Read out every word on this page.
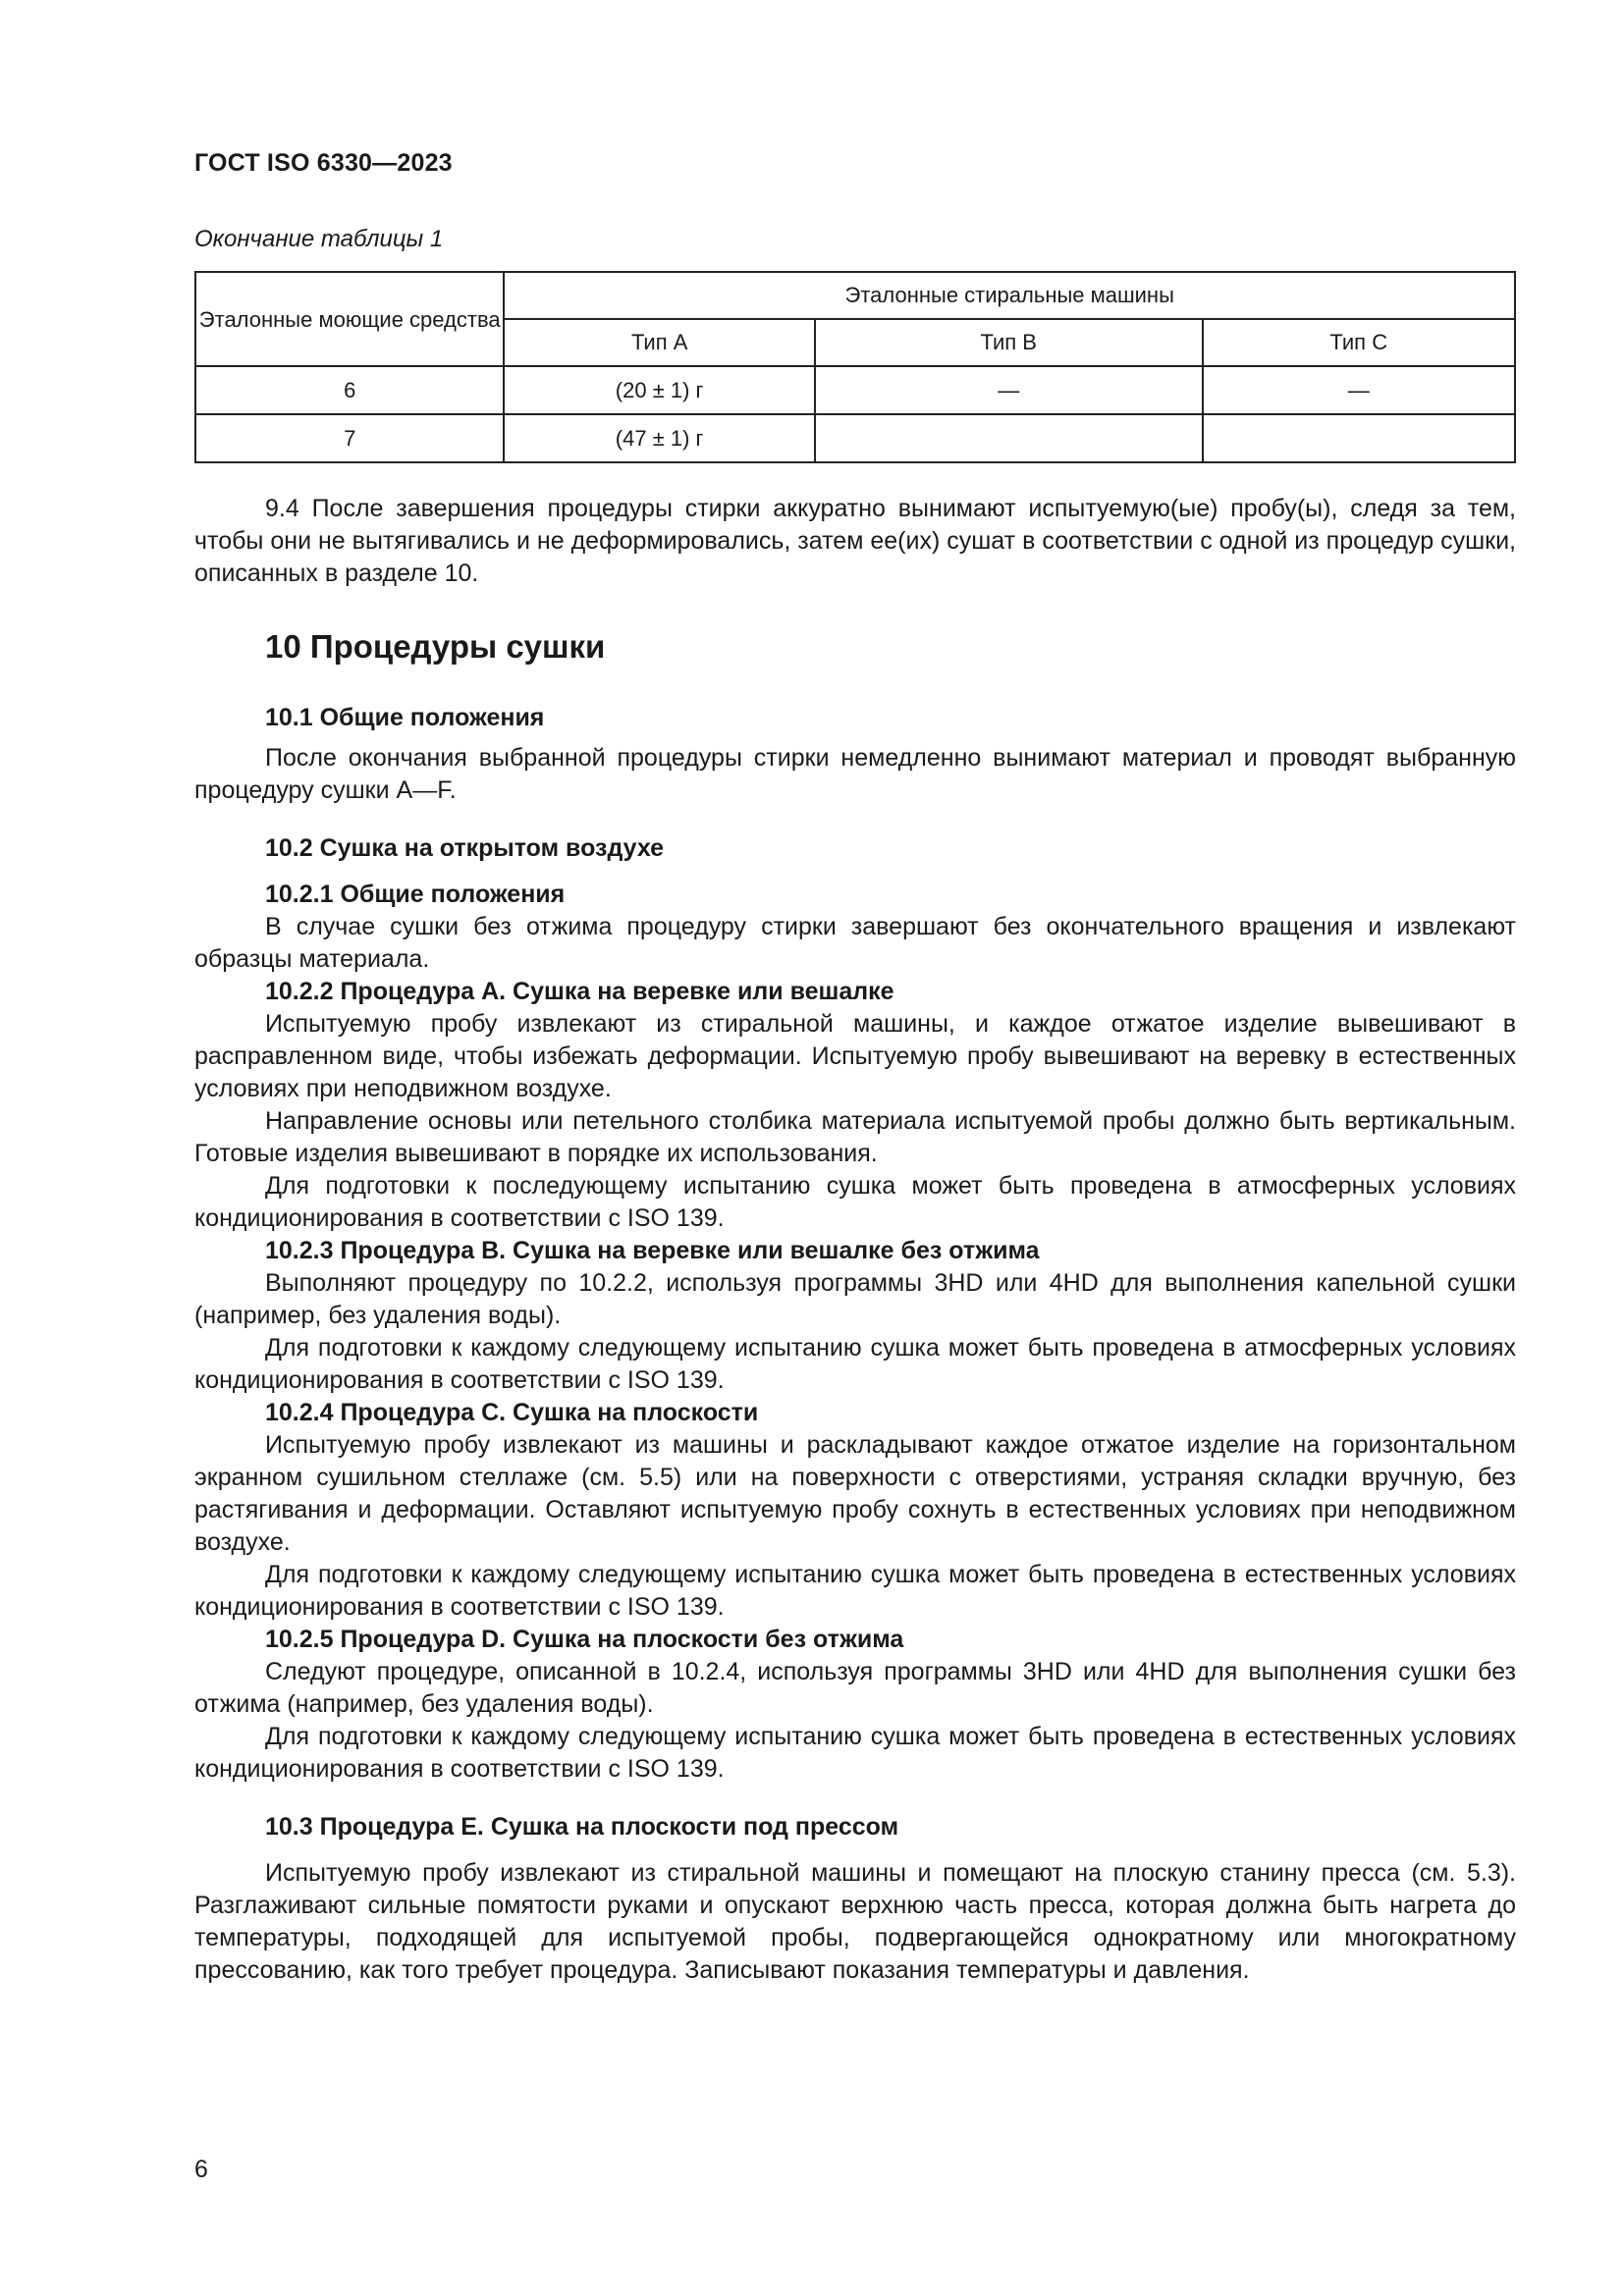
ГОСТ ISO 6330—2023
Окончание таблицы 1
Эталонные моющие средства	Эталонные стиральные машины		
	Тип A	Тип B	Тип C
6	(20 ± 1) г	—	—
7	(47 ± 1) г		

9.4 После завершения процедуры стирки аккуратно вынимают испытуемую(ые) пробу(ы), следя за тем, чтобы они не вытягивались и не деформировались, затем ее(их) сушат в соответствии с одной из процедур сушки, описанных в разделе 10.

10 Процедуры сушки
10.1 Общие положения

После окончания выбранной процедуры стирки немедленно вынимают материал и проводят выбранную процедуру сушки A—F.

10.2 Сушка на открытом воздухе
10.2.1 Общие положения

В случае сушки без отжима процедуру стирки завершают без окончательного вращения и извлекают образцы материала.

10.2.2 Процедура A. Сушка на веревке или вешалке

Испытуемую пробу извлекают из стиральной машины, и каждое отжатое изделие вывешивают в расправленном виде, чтобы избежать деформации. Испытуемую пробу вывешивают на веревку в естественных условиях при неподвижном воздухе.

Направление основы или петельного столбика материала испытуемой пробы должно быть вертикальным. Готовые изделия вывешивают в порядке их использования.

Для подготовки к последующему испытанию сушка может быть проведена в атмосферных условиях кондиционирования в соответствии с ISO 139.

10.2.3 Процедура B. Сушка на веревке или вешалке без отжима

Выполняют процедуру по 10.2.2, используя программы 3HD или 4HD для выполнения капельной сушки (например, без удаления воды).

Для подготовки к каждому следующему испытанию сушка может быть проведена в атмосферных условиях кондиционирования в соответствии с ISO 139.

10.2.4 Процедура C. Сушка на плоскости

Испытуемую пробу извлекают из машины и раскладывают каждое отжатое изделие на горизонтальном экранном сушильном стеллаже (см. 5.5) или на поверхности с отверстиями, устраняя складки вручную, без растягивания и деформации. Оставляют испытуемую пробу сохнуть в естественных условиях при неподвижном воздухе.

Для подготовки к каждому следующему испытанию сушка может быть проведена в естественных условиях кондиционирования в соответствии с ISO 139.

10.2.5 Процедура D. Сушка на плоскости без отжима

Следуют процедуре, описанной в 10.2.4, используя программы 3HD или 4HD для выполнения сушки без отжима (например, без удаления воды).

Для подготовки к каждому следующему испытанию сушка может быть проведена в естественных условиях кондиционирования в соответствии с ISO 139.

10.3 Процедура E. Сушка на плоскости под прессом

Испытуемую пробу извлекают из стиральной машины и помещают на плоскую станину пресса (см. 5.3). Разглаживают сильные помятости руками и опускают верхнюю часть пресса, которая должна быть нагрета до температуры, подходящей для испытуемой пробы, подвергающейся однократному или многократному прессованию, как того требует процедура. Записывают показания температуры и давления.

6
